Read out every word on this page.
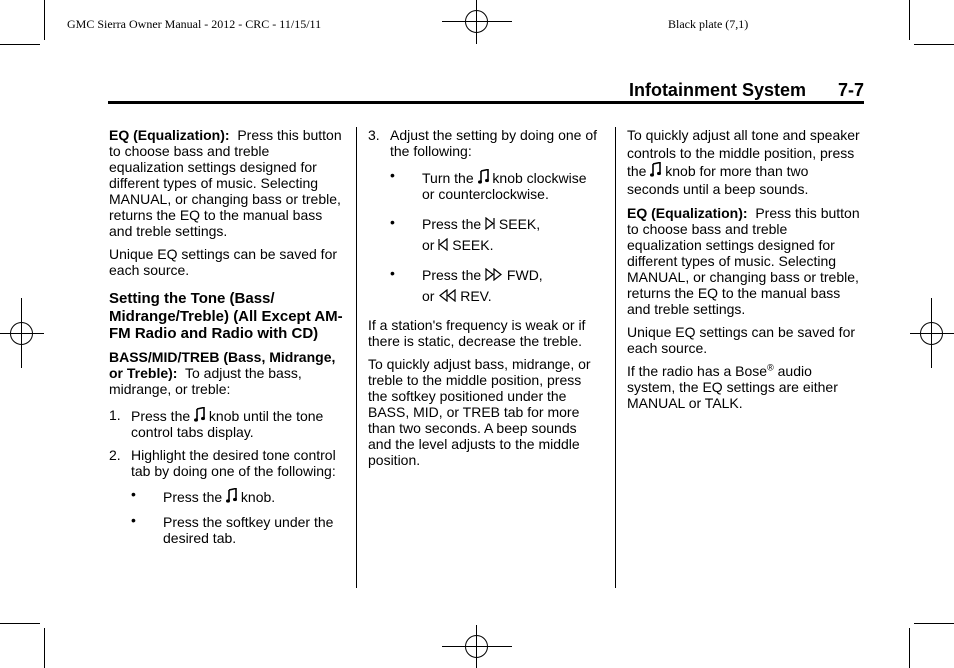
GMC Sierra Owner Manual - 2012 - CRC - 11/15/11	Black plate (7,1)
Infotainment System 7-7

EQ (Equalization): Press this button to choose bass and treble equalization settings designed for different types of music. Selecting MANUAL, or changing bass or treble, returns the EQ to the manual bass and treble settings.

Unique EQ settings can be saved for each source.

Setting the Tone (Bass/ Midrange/Treble) (All Except AM-FM Radio and Radio with CD)

BASS/MID/TREB (Bass, Midrange, or Treble): To adjust the bass, midrange, or treble:

1. Press the knob until the tone control tabs display.
2. Highlight the desired tone control tab by doing one of the following:
• Press the knob.
• Press the softkey under the desired tab.
3. Adjust the setting by doing one of the following:
• Turn the knob clockwise or counterclockwise.
• Press the SEEK,
or SEEK.
• Press the FWD,
or REV.

If a station's frequency is weak or if there is static, decrease the treble.

To quickly adjust bass, midrange, or treble to the middle position, press the softkey positioned under the BASS, MID, or TREB tab for more than two seconds. A beep sounds and the level adjusts to the middle position.

To quickly adjust all tone and speaker controls to the middle position, press the knob for more than two seconds until a beep sounds.

EQ (Equalization): Press this button to choose bass and treble equalization settings designed for different types of music. Selecting MANUAL, or changing bass or treble, returns the EQ to the manual bass and treble settings.

Unique EQ settings can be saved for each source.

If the radio has a Bose® audio system, the EQ settings are either MANUAL or TALK.
